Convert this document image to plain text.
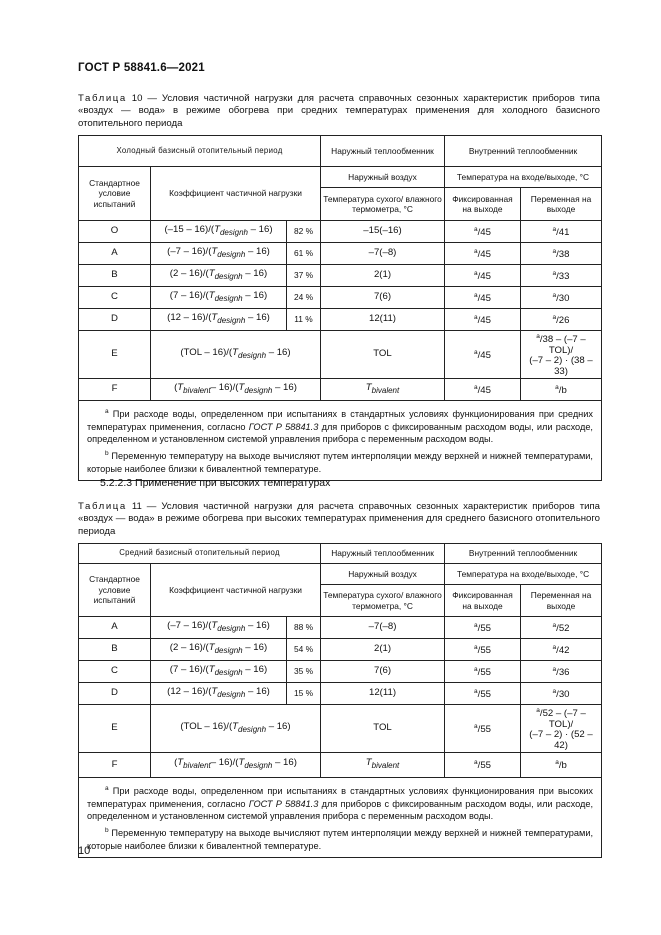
ГОСТ Р 58841.6—2021
Таблица 10 — Условия частичной нагрузки для расчета справочных сезонных характеристик приборов типа «воздух — вода» в режиме обогрева при средних температурах применения для холодного базисного отопительного периода
Холодный базисный отопительный период			Наружный теплообменник	Внутренний теплообменник	
Стандартное условие испытаний	Коэффициент частичной нагрузки		Наружный воздух	Температура на входе/выходе, °С	
			Температура сухого/ влажного термометра, °С	Фиксированная на выходе	Переменная на выходе
O	$(-15 - 16)/(T_{designh} - 16)$	82 %	–15(–16)	$^a$/45	$^a$/41
A	$(-7 - 16)/(T_{designh} - 16)$	61 %	–7(–8)	$^a$/45	$^a$/38
B	$(2 - 16)/(T_{designh} - 16)$	37 %	2(1)	$^a$/45	$^a$/33
C	$(7 - 16)/(T_{designh} - 16)$	24 %	7(6)	$^a$/45	$^a$/30
D	$(12 - 16)/(T_{designh} - 16)$	11 %	12(11)	$^a$/45	$^a$/26
E	$(TOL - 16)/(T_{designh} - 16)$		TOL	$^a$/45	$^a$/38 – (–7 – TOL)/
(–7 – 2) · (38 – 33)
F	($T_{bivalent}-$ $16)/(T_{designh} - 16)$		$T_{bivalent}$	$^a$/45	$^a$/b

$^a$ При расходе воды, определенном при испытаниях в стандартных условиях функционирования при средних температурах применения, согласно ГОСТ Р 58841.3 для приборов с фиксированным расходом воды, или расходе, определенном и установленном системой управления прибора с переменным расходом воды.

$^b$ Переменную температуру на выходе вычисляют путем интерполяции между верхней и нижней температурами, которые наиболее близки к бивалентной температуре.					

5.2.2.3 Применение при высоких температурах
Таблица 11 — Условия частичной нагрузки для расчета справочных сезонных характеристик приборов типа «воздух — вода» в режиме обогрева при высоких температурах применения для среднего базисного отопительного периода
Средний базисный отопительный период			Наружный теплообменник	Внутренний теплообменник	
Стандартное условие испытаний	Коэффициент частичной нагрузки		Наружный воздух	Температура на входе/выходе, °С	
			Температура сухого/ влажного термометра, °С	Фиксированная на выходе	Переменная на выходе
A	$(-7 - 16)/(T_{designh} - 16)$	88 %	–7(–8)	$^a$/55	$^a$/52
B	$(2 - 16)/(T_{designh} - 16)$	54 %	2(1)	$^a$/55	$^a$/42
C	$(7 - 16)/(T_{designh} - 16)$	35 %	7(6)	$^a$/55	$^a$/36
D	$(12 - 16)/(T_{designh} - 16)$	15 %	12(11)	$^a$/55	$^a$/30
E	$(TOL - 16)/(T_{designh} - 16)$		TOL	$^a$/55	$^a$/52 – (–7 – TOL)/
(–7 – 2) · (52 – 42)
F	($T_{bivalent}-$ $16)/(T_{designh} - 16)$		$T_{bivalent}$	$^a$/55	$^a$/b

$^a$ При расходе воды, определенном при испытаниях в стандартных условиях функционирования при высоких температурах применения, согласно ГОСТ Р 58841.3 для приборов с фиксированным расходом воды, или расходе, определенном и установленном системой управления прибора с переменным расходом воды.

$^b$ Переменную температуру на выходе вычисляют путем интерполяции между верхней и нижней температурами, которые наиболее близки к бивалентной температуре.					

10
